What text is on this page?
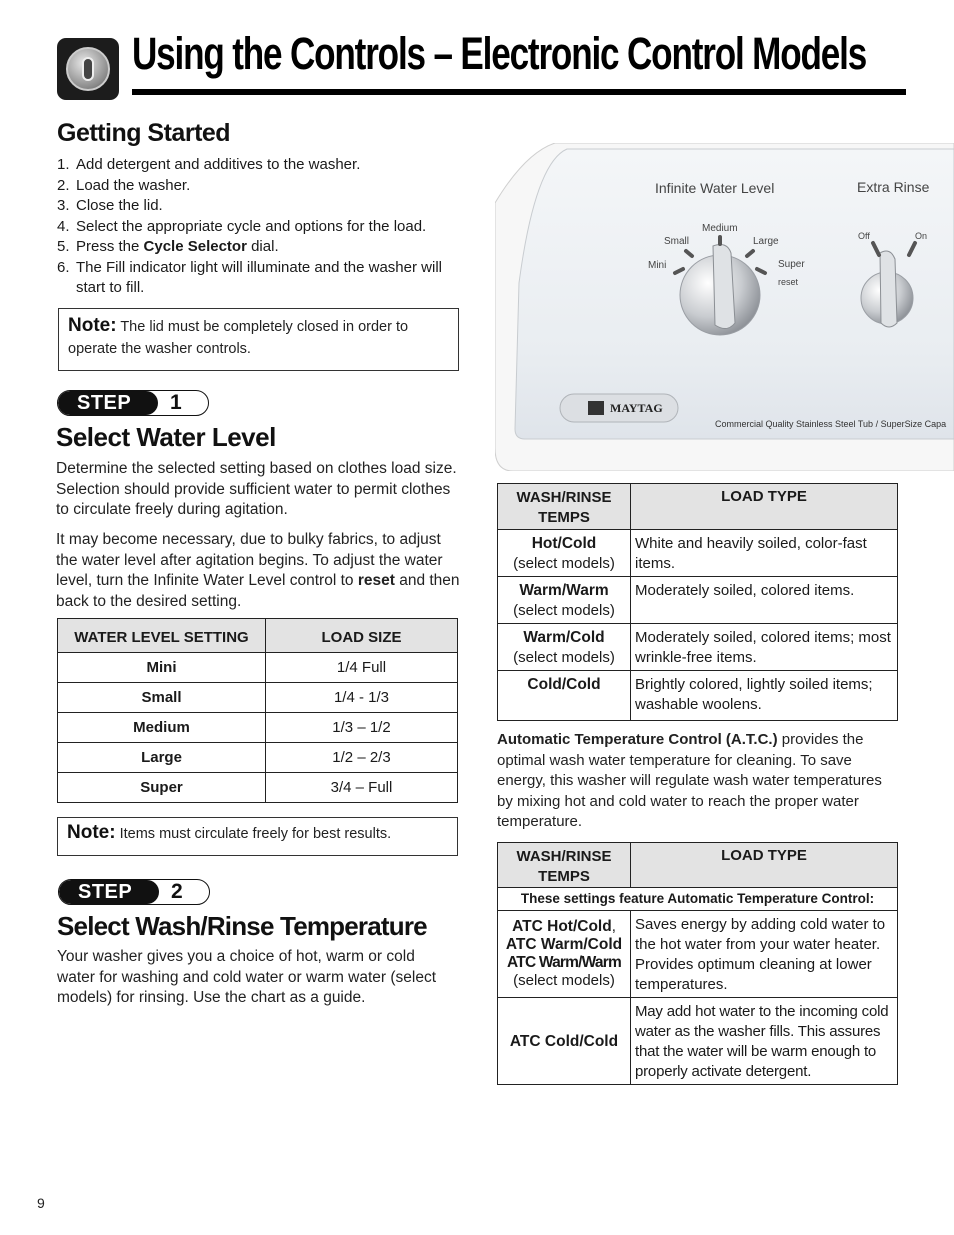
Using the Controls – Electronic Control Models
Getting Started
1. Add detergent and additives to the washer.
2. Load the washer.
3. Close the lid.
4. Select the appropriate cycle and options for the load.
5. Press the Cycle Selector dial.
6. The Fill indicator light will illuminate and the washer will start to fill.
Note: The lid must be completely closed in order to operate the washer controls.
STEP	1
Select Water Level
Determine the selected setting based on clothes load size. Selection should provide sufficient water to permit clothes to circulate freely during agitation.
It may become necessary, due to bulky fabrics, to adjust the water level after agitation begins. To adjust the water level, turn the Infinite Water Level control to reset and then back to the desired setting.
WATER LEVEL SETTING	LOAD SIZE
Mini	1/4 Full
Small	1/4 - 1/3
Medium	1/3 – 1/2
Large	1/2 – 2/3
Super	3/4 – Full
Note: Items must circulate freely for best results.
STEP	2
Select Wash/Rinse Temperature
Your washer gives you a choice of hot, warm or cold water for washing and cold water or warm water (select models) for rinsing. Use the chart as a guide.
Infinite Water Level	Extra Rinse
Medium
Small	Large
Mini	Super
reset
Off	On
MAYTAG
Commercial Quality Stainless Steel Tub / SuperSize Capa
WASH/RINSE TEMPS	LOAD TYPE
Hot/Cold
(select models)	White and heavily soiled, color-fast items.
Warm/Warm
(select models)	Moderately soiled, colored items.
Warm/Cold
(select models)	Moderately soiled, colored items; most wrinkle-free items.
Cold/Cold	Brightly colored, lightly soiled items; washable woolens.
Automatic Temperature Control (A.T.C.) provides the optimal wash water temperature for cleaning. To save energy, this washer will regulate wash water temperatures by mixing hot and cold water to reach the proper water temperature.
WASH/RINSE TEMPS	LOAD TYPE
These settings feature Automatic Temperature Control:	
ATC Hot/Cold,
ATC Warm/Cold
ATC Warm/Warm
(select models)	Saves energy by adding cold water to the hot water from your water heater. Provides optimum cleaning at lower temperatures.
ATC Cold/Cold	May add hot water to the incoming cold water as the washer fills. This assures that the water will be warm enough to properly activate detergent.
9
